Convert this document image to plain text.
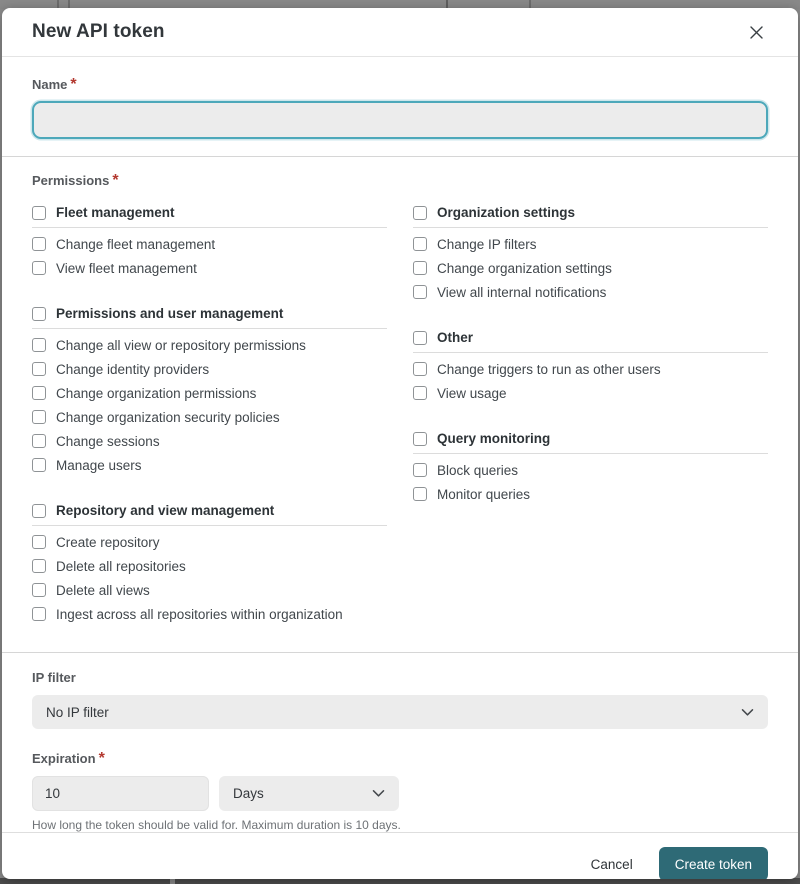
New API token
Name *
Permissions *
Fleet management
Change fleet management
View fleet management
Permissions and user management
Change all view or repository permissions
Change identity providers
Change organization permissions
Change organization security policies
Change sessions
Manage users
Repository and view management
Create repository
Delete all repositories
Delete all views
Ingest across all repositories within organization
Organization settings
Change IP filters
Change organization settings
View all internal notifications
Other
Change triggers to run as other users
View usage
Query monitoring
Block queries
Monitor queries
IP filter
No IP filter
Expiration *
10
Days
How long the token should be valid for. Maximum duration is 10 days.
Cancel	Create token
